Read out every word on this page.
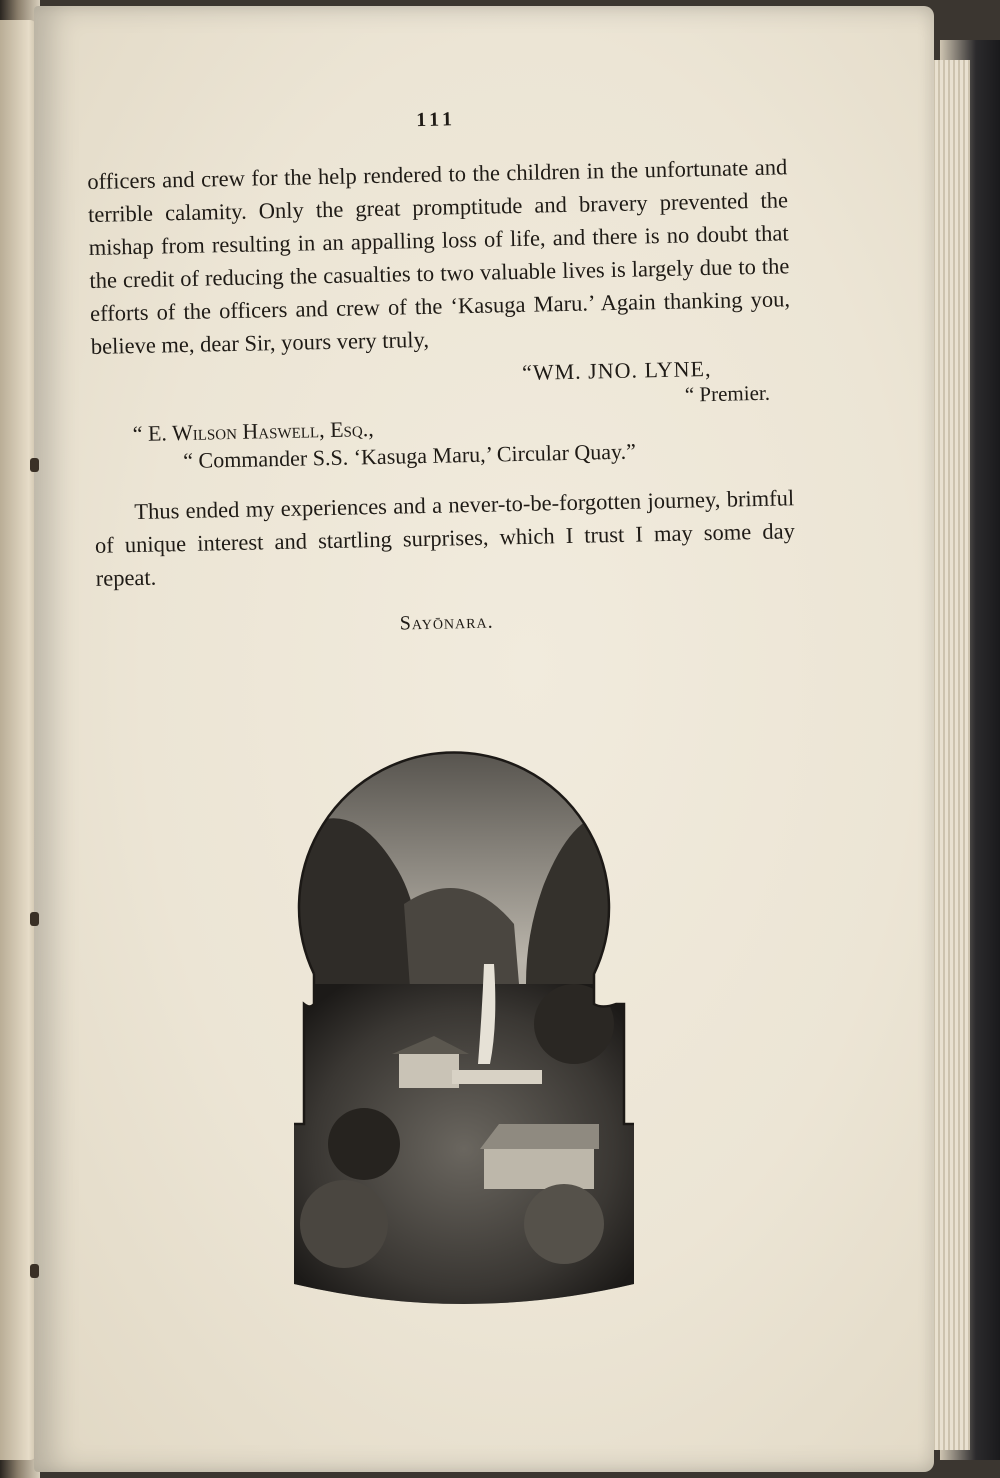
111

officers and crew for the help rendered to the children in the unfortunate and terrible calamity. Only the great promptitude and bravery prevented the mishap from resulting in an appalling loss of life, and there is no doubt that the credit of reducing the casualties to two valuable lives is largely due to the efforts of the officers and crew of the ‘Kasuga Maru.’ Again thanking you, believe me, dear Sir, yours very truly,

“WM. JNO. LYNE,
“ Premier.
“ E. Wilson Haswell, Esq.,
“ Commander S.S. ‘Kasuga Maru,’ Circular Quay.”

Thus ended my experiences and a never-to-be-forgotten journey, brimful of unique interest and startling surprises, which I trust I may some day repeat.

Sayōnara.
